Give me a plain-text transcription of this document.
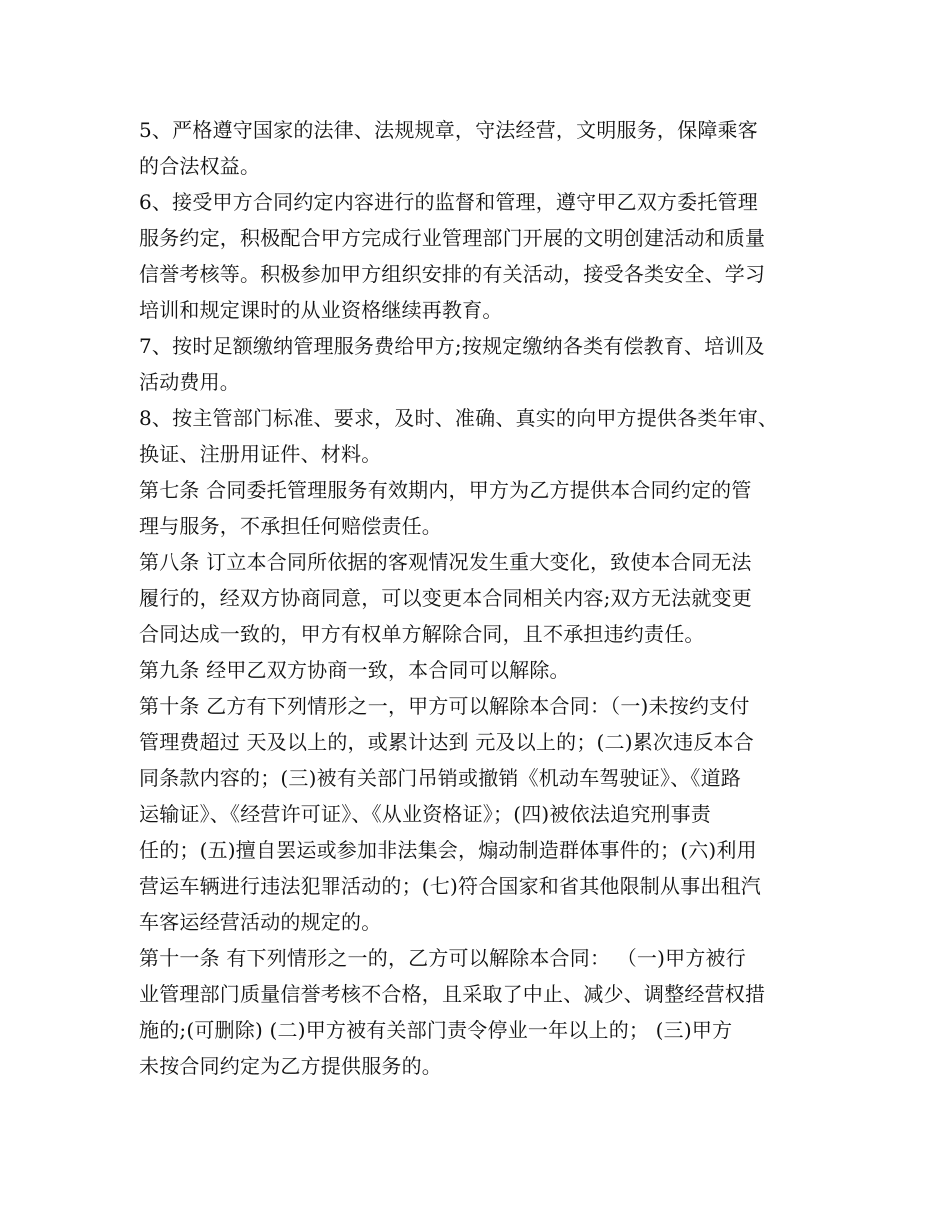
5、严格遵守国家的法律、法规规章，守法经营，文明服务，保障乘客
的合法权益。
6、接受甲方合同约定内容进行的监督和管理，遵守甲乙双方委托管理
服务约定，积极配合甲方完成行业管理部门开展的文明创建活动和质量
信誉考核等。积极参加甲方组织安排的有关活动，接受各类安全、学习
培训和规定课时的从业资格继续再教育。
7、按时足额缴纳管理服务费给甲方;按规定缴纳各类有偿教育、培训及
活动费用。
8、按主管部门标准、要求，及时、准确、真实的向甲方提供各类年审、
换证、注册用证件、材料。
第七条 合同委托管理服务有效期内，甲方为乙方提供本合同约定的管
理与服务，不承担任何赔偿责任。
第八条 订立本合同所依据的客观情况发生重大变化，致使本合同无法
履行的，经双方协商同意，可以变更本合同相关内容;双方无法就变更
合同达成一致的，甲方有权单方解除合同，且不承担违约责任。
第九条 经甲乙双方协商一致，本合同可以解除。
第十条 乙方有下列情形之一，甲方可以解除本合同：（一)未按约支付
管理费超过 天及以上的，或累计达到 元及以上的；(二)累次违反本合
同条款内容的；(三)被有关部门吊销或撤销《机动车驾驶证》、《道路
运输证》、《经营许可证》、《从业资格证》；(四)被依法追究刑事责
任的；(五)擅自罢运或参加非法集会，煽动制造群体事件的；(六)利用
营运车辆进行违法犯罪活动的；(七)符合国家和省其他限制从事出租汽
车客运经营活动的规定的。
第十一条 有下列情形之一的，乙方可以解除本合同： （一)甲方被行
业管理部门质量信誉考核不合格，且采取了中止、减少、调整经营权措
施的;(可删除) (二)甲方被有关部门责令停业一年以上的； (三)甲方
未按合同约定为乙方提供服务的。
